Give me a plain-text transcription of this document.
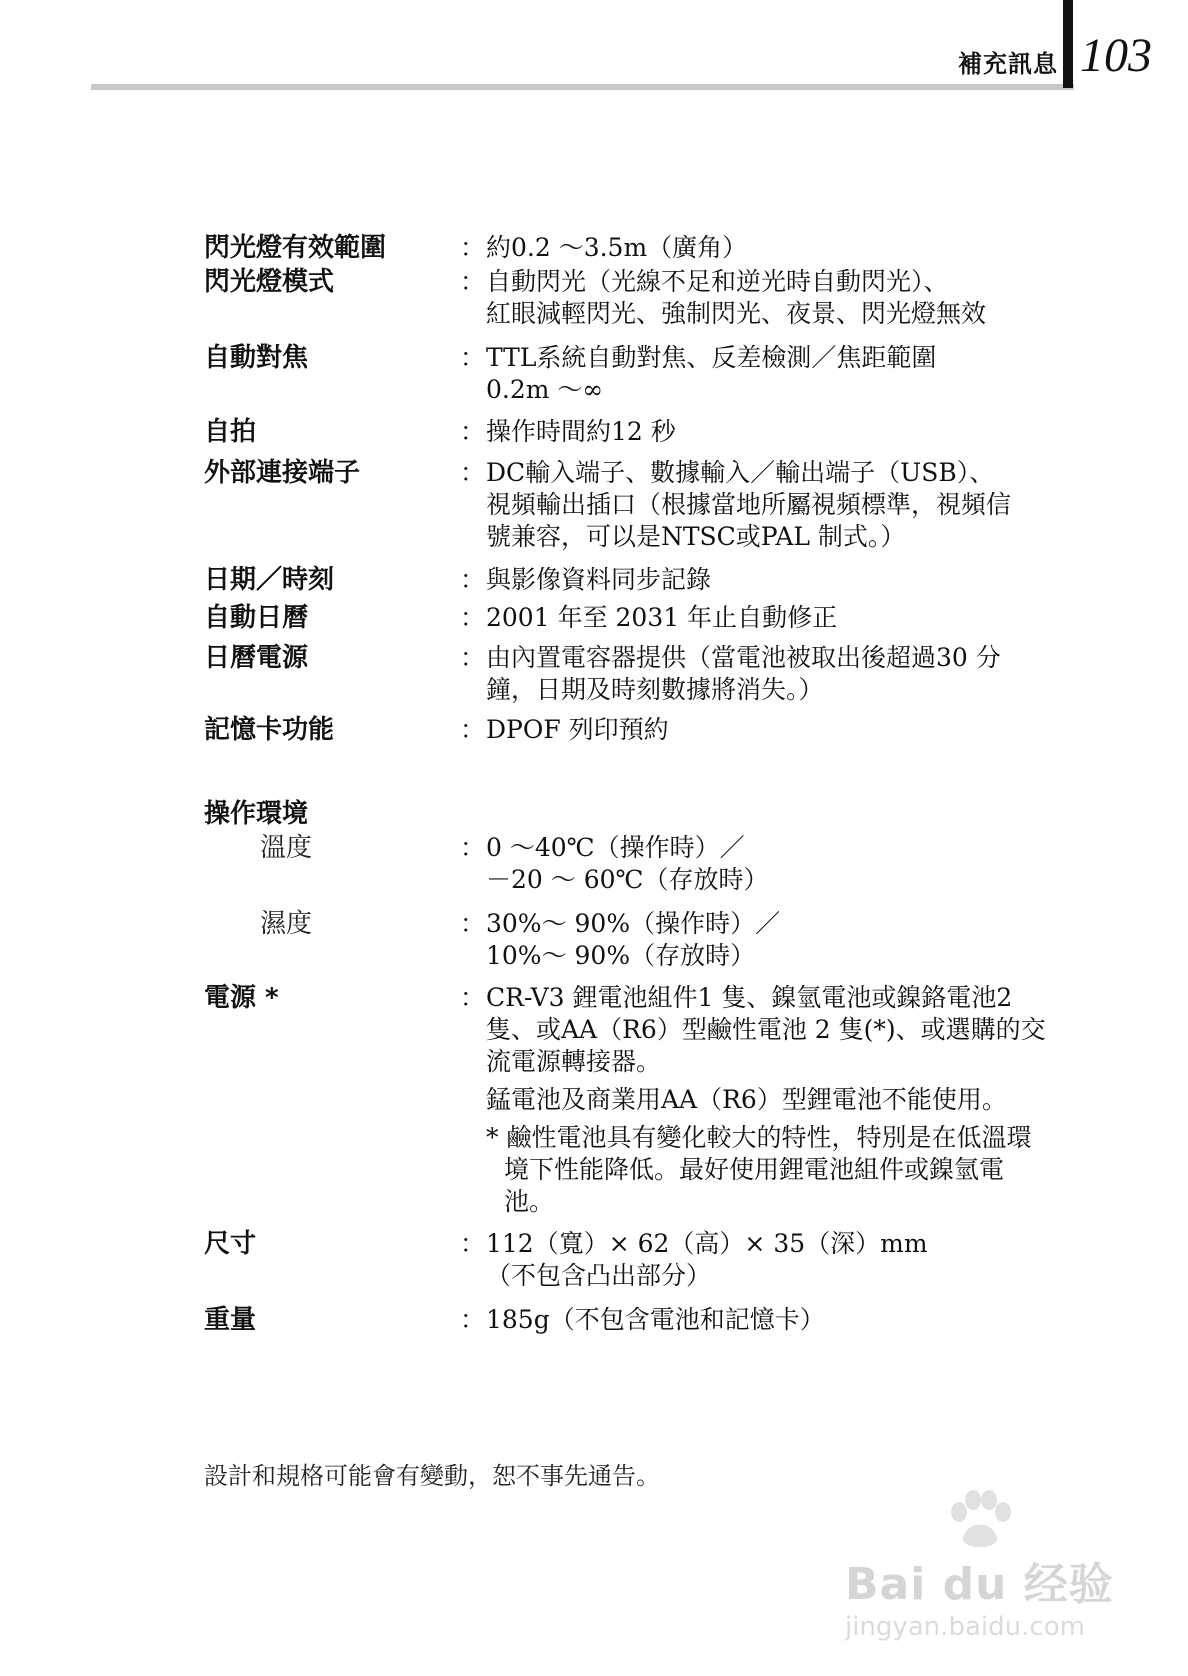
補充訊息 103
閃光燈有效範圍	： 約0.2 ～3.5m（廣角）
閃光燈模式	： 自動閃光（光線不足和逆光時自動閃光）、
紅眼減輕閃光、強制閃光、夜景、閃光燈無效
自動對焦	： TTL系統自動對焦、反差檢測／焦距範圍
0.2m ～∞
自拍	： 操作時間約12 秒
外部連接端子	： DC輸入端子、數據輸入／輸出端子（USB）、
視頻輸出插口（根據當地所屬視頻標準，視頻信
號兼容，可以是NTSC或PAL 制式。）
日期／時刻	： 與影像資料同步記錄
自動日曆	： 2001 年至 2031 年止自動修正
日曆電源	： 由內置電容器提供（當電池被取出後超過30 分
鐘，日期及時刻數據將消失。）
記憶卡功能	： DPOF 列印預約
操作環境
溫度	： 0 ～40℃（操作時）／
－20 ～ 60℃（存放時）
濕度	： 30%～ 90%（操作時）／
10%～ 90%（存放時）
電源 *	： CR-V3 鋰電池組件1 隻、鎳氫電池或鎳鉻電池2
隻、或AA（R6）型鹼性電池 2 隻(*)、或選購的交
流電源轉接器。
錳電池及商業用AA（R6）型鋰電池不能使用。
* 鹼性電池具有變化較大的特性，特別是在低溫環
境下性能降低。最好使用鋰電池組件或鎳氫電
池。
尺寸	： 112（寬）× 62（高）× 35（深）mm
（不包含凸出部分）
重量	： 185g（不包含電池和記憶卡）
設計和規格可能會有變動，恕不事先通告。
Bai du 经验
jingyan.baidu.com
